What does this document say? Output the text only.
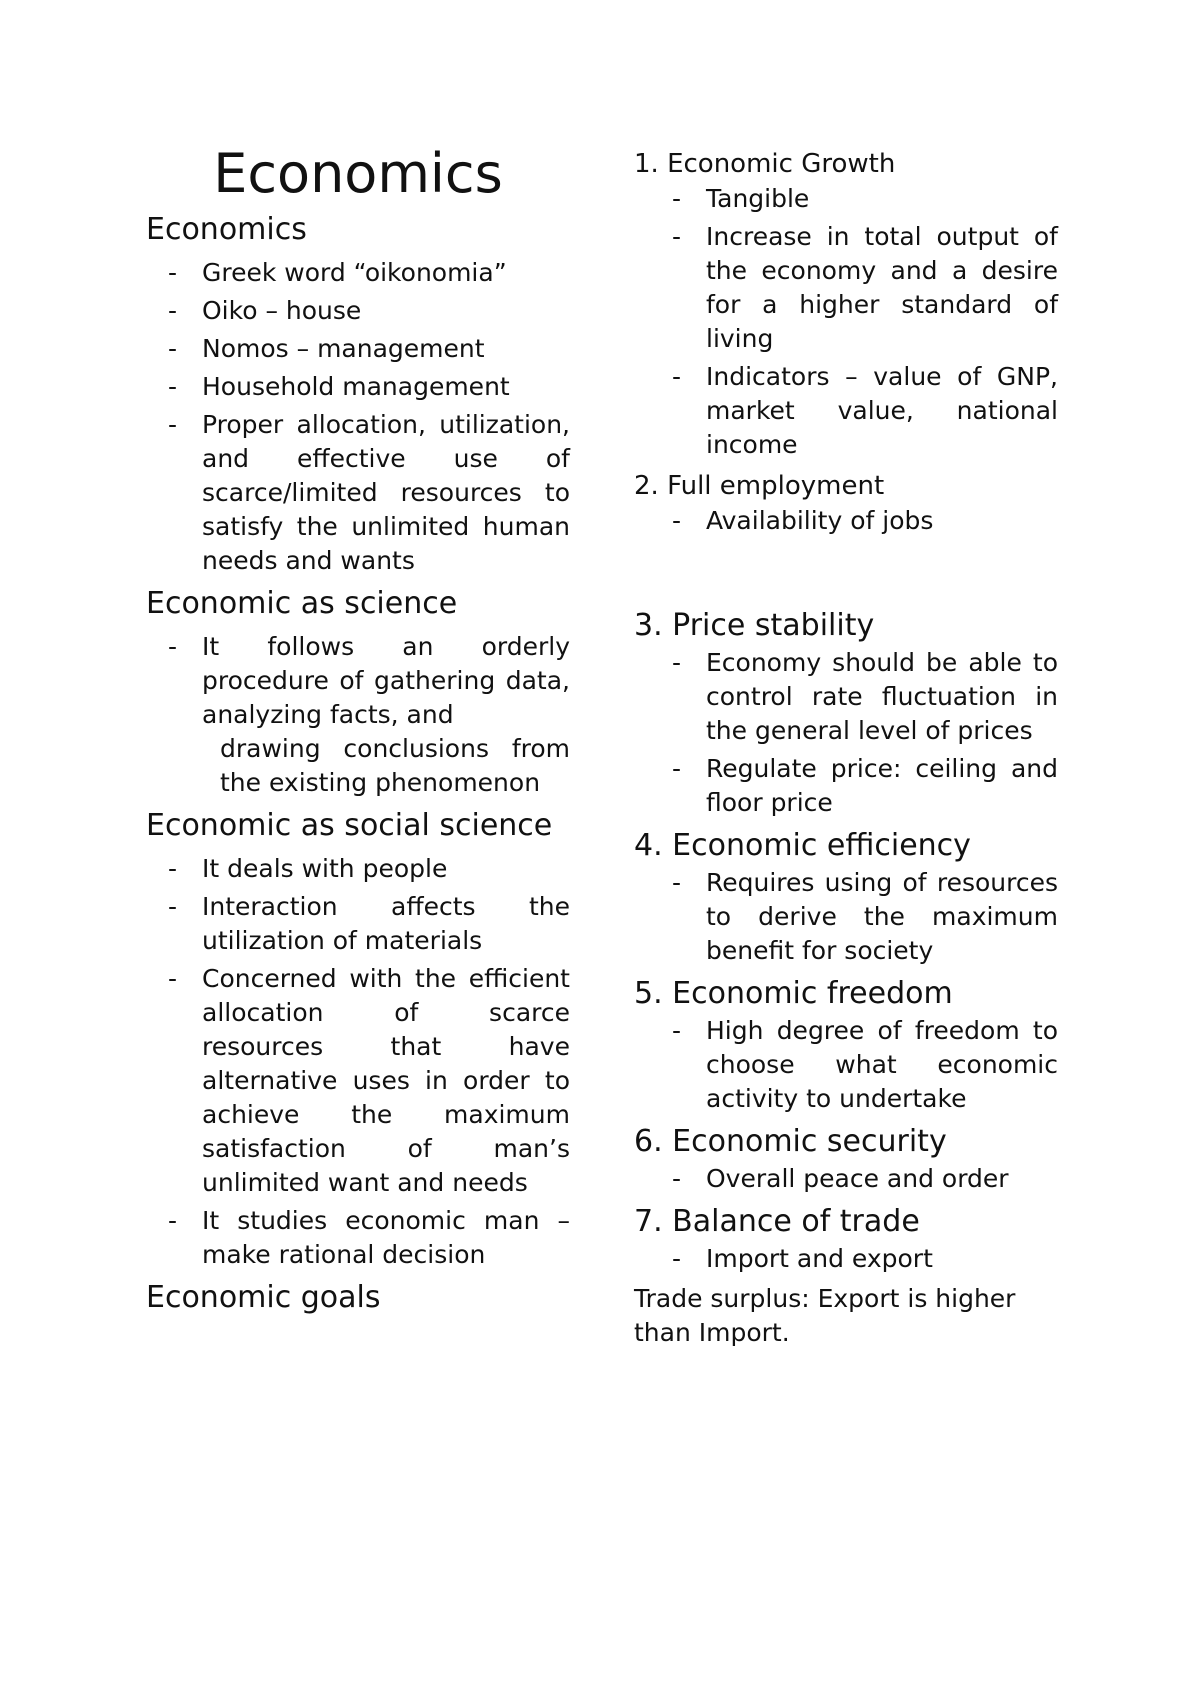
Economics
Economics
- Greek word “oikonomia”
- Oiko – house
- Nomos – management
- Household management
- Proper allocation, utilization, and effective use of scarce/limited resources to satisfy the unlimited human needs and wants
Economic as science
- It follows an orderly procedure of gathering data, analyzing facts, and
drawing conclusions from the existing phenomenon
Economic as social science
- It deals with people
- Interaction affects the utilization of materials
- Concerned with the efficient allocation of scarce resources that have alternative uses in order to achieve the maximum satisfaction of man’s unlimited want and needs
- It studies economic man – make rational decision
Economic goals
1. Economic Growth
- Tangible
- Increase in total output of the economy and a desire for a higher standard of living
- Indicators – value of GNP, market value, national income
2. Full employment
- Availability of jobs
3. Price stability
- Economy should be able to control rate fluctuation in the general level of prices
- Regulate price: ceiling and floor price
4. Economic efficiency
- Requires using of resources to derive the maximum benefit for society
5. Economic freedom
- High degree of freedom to choose what economic activity to undertake
6. Economic security
- Overall peace and order
7. Balance of trade
- Import and export

Trade surplus: Export is higher than Import.
